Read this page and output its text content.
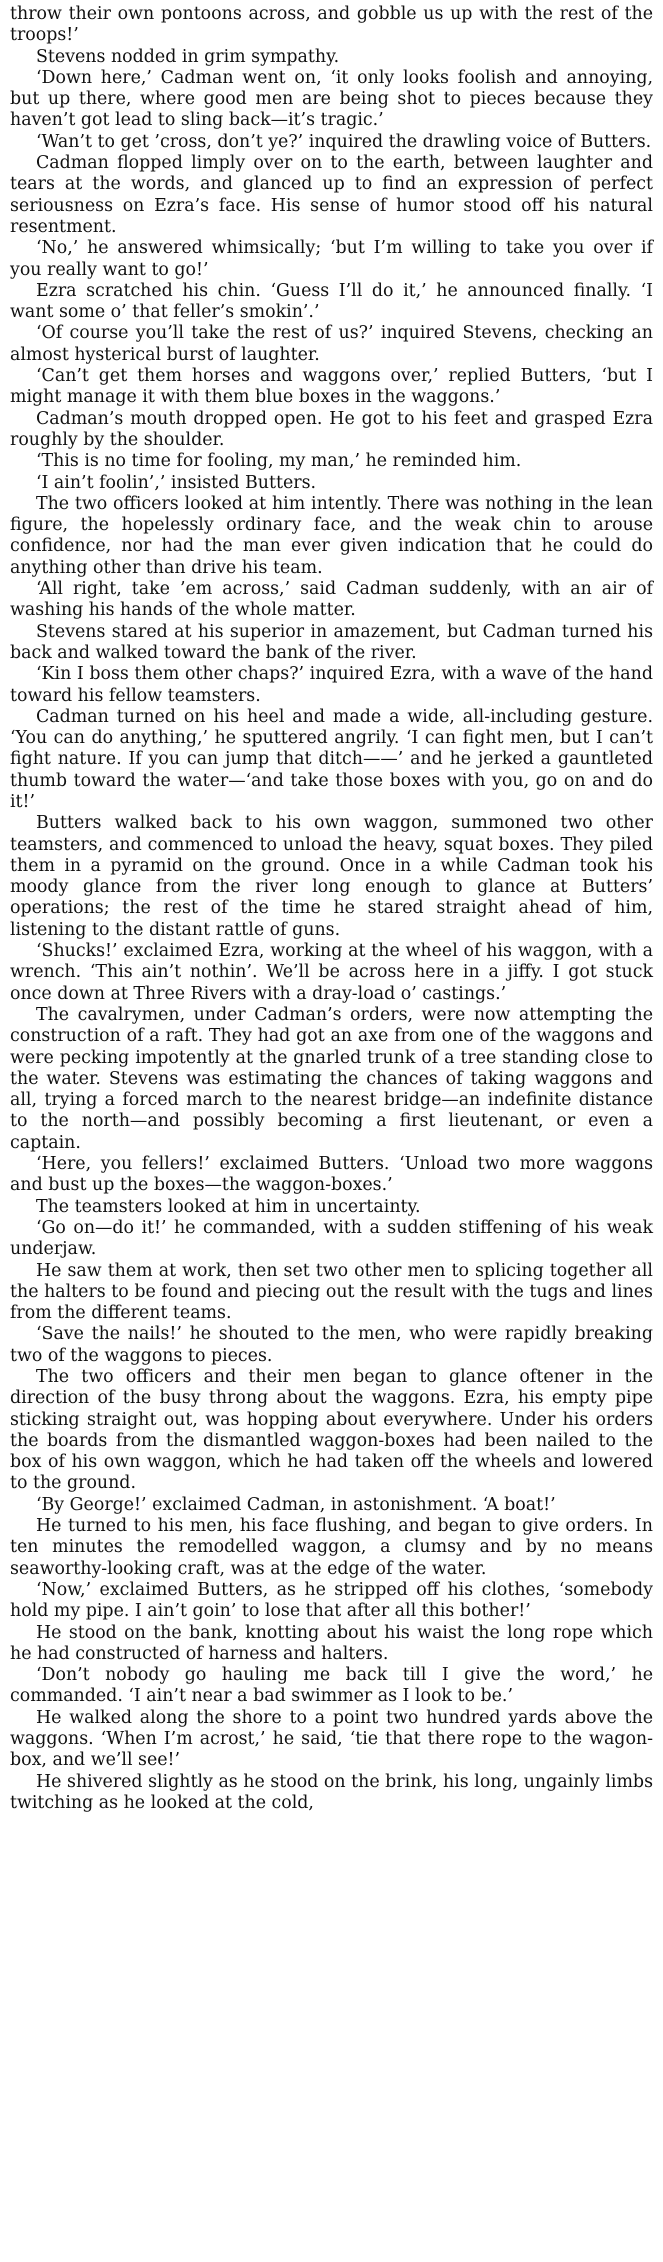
throw their own pontoons across, and gobble us up with the rest of the troops!’

Stevens nodded in grim sympathy.

‘Down here,’ Cadman went on, ‘it only looks foolish and annoying, but up there, where good men are being shot to pieces because they haven’t got lead to sling back—it’s tragic.’

‘Wan’t to get ’cross, don’t ye?’ inquired the drawling voice of Butters.

Cadman flopped limply over on to the earth, between laughter and tears at the words, and glanced up to find an expression of perfect seriousness on Ezra’s face. His sense of humor stood off his natural resentment.

‘No,’ he answered whimsically; ‘but I’m willing to take you over if you really want to go!’

Ezra scratched his chin. ‘Guess I’ll do it,’ he announced finally. ‘I want some o’ that feller’s smokin’.’

‘Of course you’ll take the rest of us?’ inquired Stevens, checking an almost hysterical burst of laughter.

‘Can’t get them horses and waggons over,’ replied Butters, ‘but I might manage it with them blue boxes in the waggons.’

Cadman’s mouth dropped open. He got to his feet and grasped Ezra roughly by the shoulder.

‘This is no time for fooling, my man,’ he reminded him.

‘I ain’t foolin’,’ insisted Butters.

The two officers looked at him intently. There was nothing in the lean figure, the hopelessly ordinary face, and the weak chin to arouse confidence, nor had the man ever given indication that he could do anything other than drive his team.

‘All right, take ’em across,’ said Cadman suddenly, with an air of washing his hands of the whole matter.

Stevens stared at his superior in amazement, but Cadman turned his back and walked toward the bank of the river.

‘Kin I boss them other chaps?’ inquired Ezra, with a wave of the hand toward his fellow teamsters.

Cadman turned on his heel and made a wide, all-including gesture. ‘You can do anything,’ he sputtered angrily. ‘I can fight men, but I can’t fight nature. If you can jump that ditch——’ and he jerked a gauntleted thumb toward the water—‘and take those boxes with you, go on and do it!’

Butters walked back to his own waggon, summoned two other teamsters, and commenced to unload the heavy, squat boxes. They piled them in a pyramid on the ground. Once in a while Cadman took his moody glance from the river long enough to glance at Butters’ operations; the rest of the time he stared straight ahead of him, listening to the distant rattle of guns.

‘Shucks!’ exclaimed Ezra, working at the wheel of his waggon, with a wrench. ‘This ain’t nothin’. We’ll be across here in a jiffy. I got stuck once down at Three Rivers with a dray-load o’ castings.’

The cavalrymen, under Cadman’s orders, were now attempting the construction of a raft. They had got an axe from one of the waggons and were pecking impotently at the gnarled trunk of a tree standing close to the water. Stevens was estimating the chances of taking waggons and all, trying a forced march to the nearest bridge—an indefinite distance to the north—and possibly becoming a first lieutenant, or even a captain.

‘Here, you fellers!’ exclaimed Butters. ‘Unload two more waggons and bust up the boxes—the waggon-boxes.’

The teamsters looked at him in uncertainty.

‘Go on—do it!’ he commanded, with a sudden stiffening of his weak underjaw.

He saw them at work, then set two other men to splicing together all the halters to be found and piecing out the result with the tugs and lines from the different teams.

‘Save the nails!’ he shouted to the men, who were rapidly breaking two of the waggons to pieces.

The two officers and their men began to glance oftener in the direction of the busy throng about the waggons. Ezra, his empty pipe sticking straight out, was hopping about everywhere. Under his orders the boards from the dismantled waggon-boxes had been nailed to the box of his own waggon, which he had taken off the wheels and lowered to the ground.

‘By George!’ exclaimed Cadman, in astonishment. ‘A boat!’

He turned to his men, his face flushing, and began to give orders. In ten minutes the remodelled waggon, a clumsy and by no means seaworthy-looking craft, was at the edge of the water.

‘Now,’ exclaimed Butters, as he stripped off his clothes, ‘somebody hold my pipe. I ain’t goin’ to lose that after all this bother!’

He stood on the bank, knotting about his waist the long rope which he had constructed of harness and halters.

‘Don’t nobody go hauling me back till I give the word,’ he commanded. ‘I ain’t near a bad swimmer as I look to be.’

He walked along the shore to a point two hundred yards above the waggons. ‘When I’m acrost,’ he said, ‘tie that there rope to the wagon-box, and we’ll see!’

He shivered slightly as he stood on the brink, his long, ungainly limbs twitching as he looked at the cold,
